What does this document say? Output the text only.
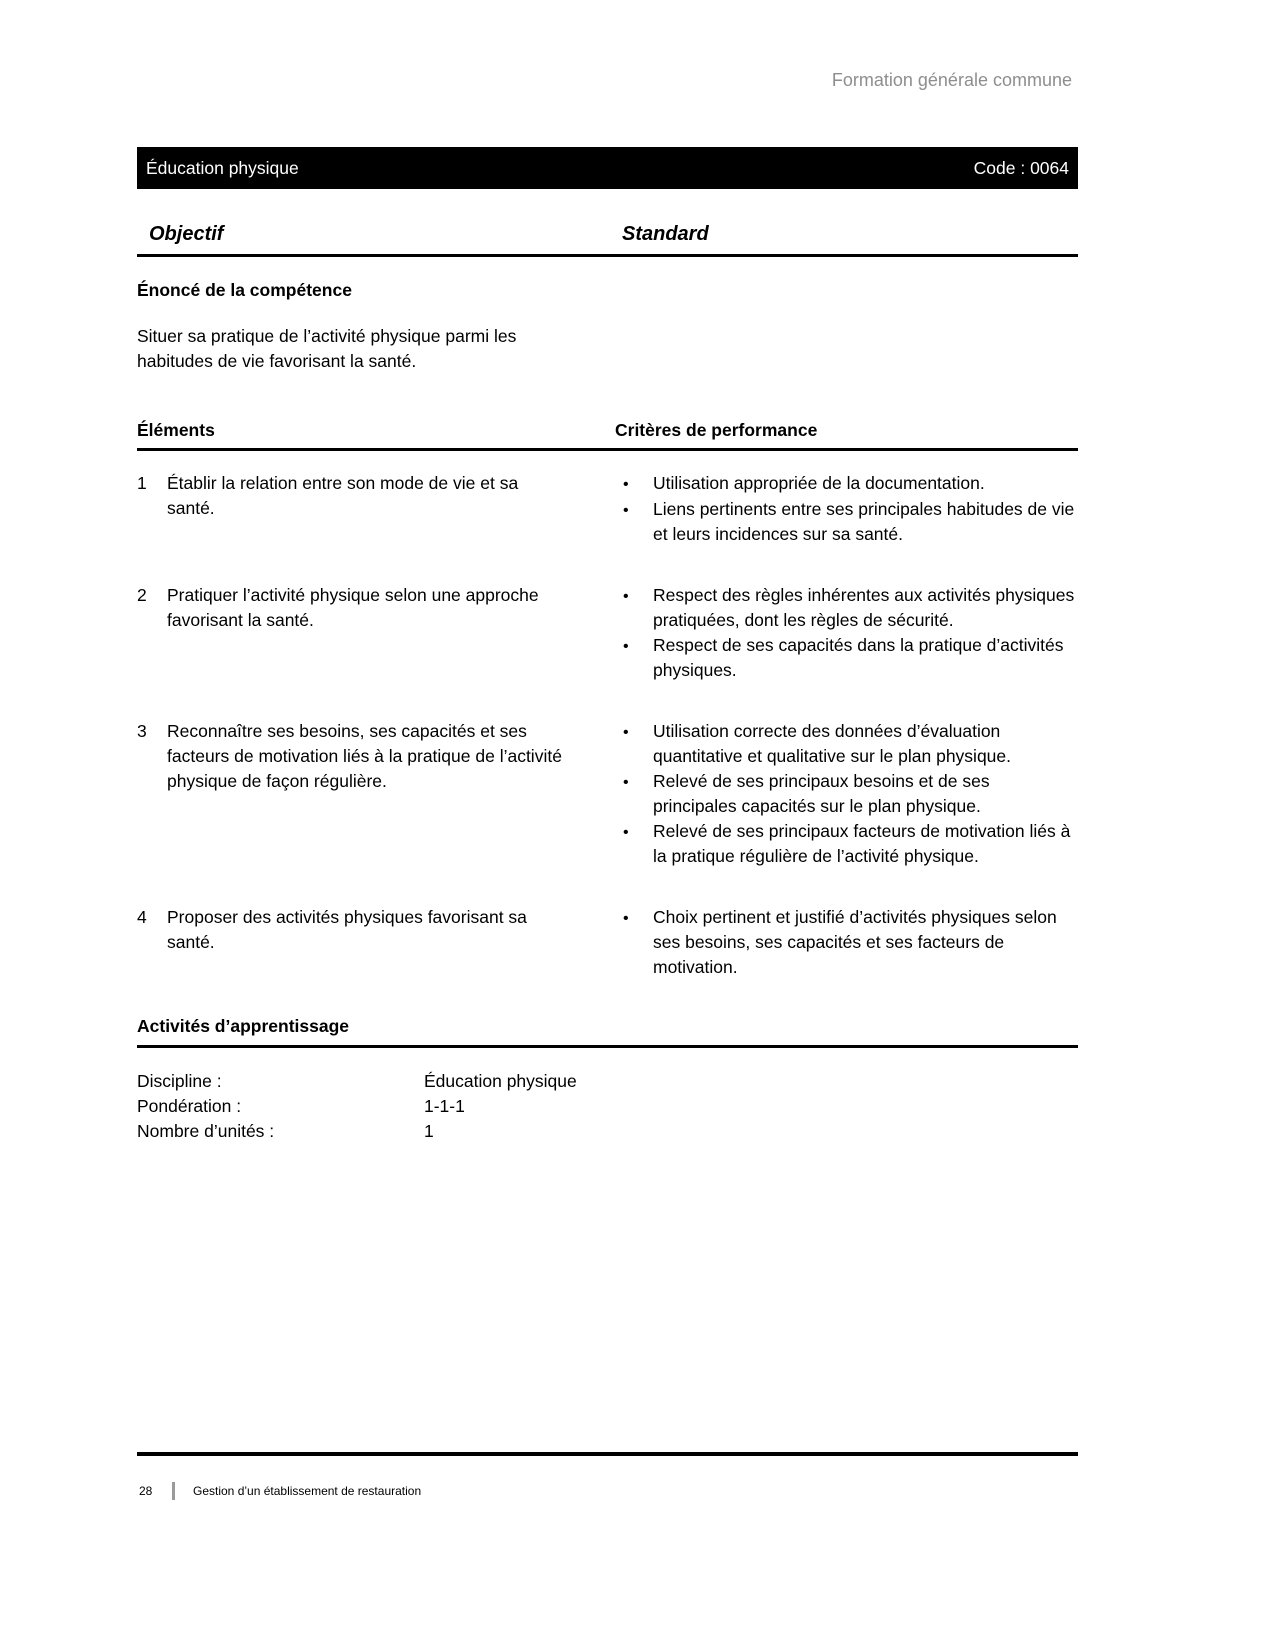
Formation générale commune
Éducation physique	Code : 0064
Objectif	Standard
Énoncé de la compétence
Situer sa pratique de l’activité physique parmi les habitudes de vie favorisant la santé.
Éléments	Critères de performance
1	Établir la relation entre son mode de vie et sa santé.
•
Utilisation appropriée de la documentation.
•
Liens pertinents entre ses principales habitudes de vie et leurs incidences sur sa santé.
2	Pratiquer l’activité physique selon une approche favorisant la santé.
•
Respect des règles inhérentes aux activités physiques pratiquées, dont les règles de sécurité.
•
Respect de ses capacités dans la pratique d’activités physiques.
3	Reconnaître ses besoins, ses capacités et ses facteurs de motivation liés à la pratique de l’activité physique de façon régulière.
•
Utilisation correcte des données d’évaluation quantitative et qualitative sur le plan physique.
•
Relevé de ses principaux besoins et de ses principales capacités sur le plan physique.
•
Relevé de ses principaux facteurs de motivation liés à la pratique régulière de l’activité physique.
4	Proposer des activités physiques favorisant sa santé.
•
Choix pertinent et justifié d’activités physiques selon ses besoins, ses capacités et ses facteurs de motivation.
Activités d’apprentissage
Discipline :	Éducation physique
Pondération :	1-1-1
Nombre d’unités :	1
28	Gestion d’un établissement de restauration
